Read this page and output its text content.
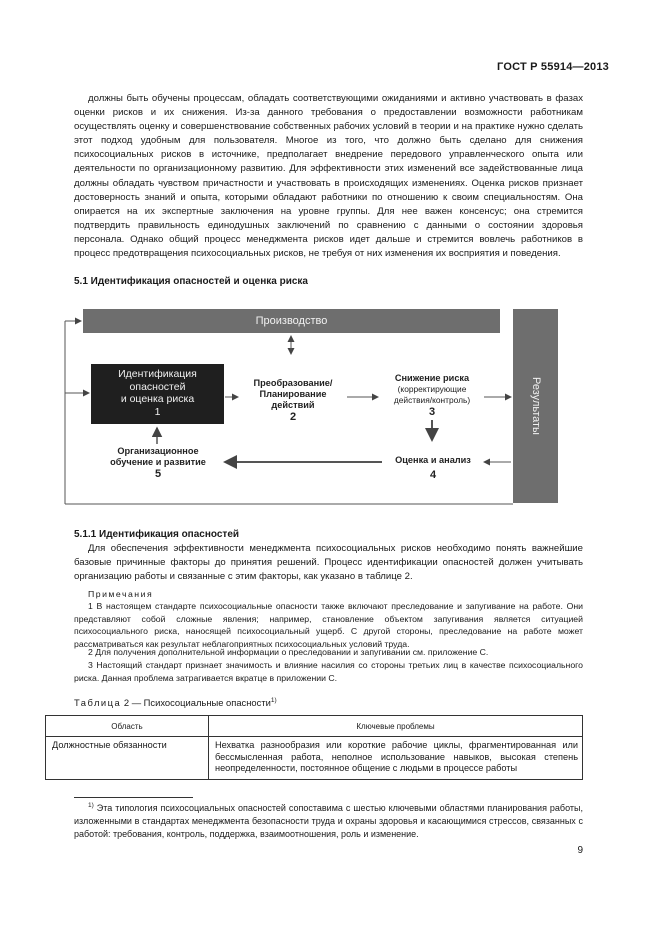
ГОСТ Р 55914—2013
должны быть обучены процессам, обладать соответствующими ожиданиями и активно участвовать в фазах оценки рисков и их снижения. Из-за данного требования о предоставлении возможности работникам осуществлять оценку и совершенствование собственных рабочих условий в теории и на практике нужно сделать этот подход удобным для пользователя. Многое из того, что должно быть сделано для снижения психосоциальных рисков в источнике, предполагает внедрение передового управленческого опыта или деятельности по организационному развитию. Для эффективности этих изменений все задействованные лица должны обладать чувством причастности и участвовать в происходящих изменениях. Оценка рисков признает достоверность знаний и опыта, которыми обладают работники по отношению к своим специальностям. Она опирается на их экспертные заключения на уровне группы. Для нее важен консенсус; она стремится подтвердить правильность единодушных заключений по сравнению с данными о состоянии здоровья персонала. Однако общий процесс менеджмента рисков идет дальше и стремится вовлечь работников в процесс предотвращения психосоциальных рисков, не требуя от них изменения их восприятия и поведения.
5.1 Идентификация опасностей и оценка риска
Производство
Результаты
Идентификация
опасностей
и оценка риска
1
Преобразование/
Планирование действий
2
Снижение риска
(корректирующие
действия/контроль)
3
Оценка и анализ
4
Организационное
обучение и развитие
5
5.1.1 Идентификация опасностей
Для обеспечения эффективности менеджмента психосоциальных рисков необходимо понять важнейшие базовые причинные факторы до принятия решений. Процесс идентификации опасностей должен учитывать организацию работы и связанные с этим факторы, как указано в таблице 2.
Примечания
1 В настоящем стандарте психосоциальные опасности также включают преследование и запугивание на работе. Они представляют собой сложные явления; например, становление объектом запугивания является ситуацией психосоциального риска, наносящей психосоциальный ущерб. С другой стороны, преследование на работе может рассматриваться как результат неблагоприятных психосоциальных условий труда.
2 Для получения дополнительной информации о преследовании и запугивании см. приложение С.
3 Настоящий стандарт признает значимость и влияние насилия со стороны третьих лиц в качестве психосоциального риска. Данная проблема затрагивается вкратце в приложении С.
Таблица 2 — Психосоциальные опасности$^{1)}$
Область	Ключевые проблемы
Должностные обязанности	Нехватка разнообразия или короткие рабочие циклы, фрагментированная или бессмысленная работа, неполное использование навыков, высокая степень неопределенности, постоянное общение с людьми в процессе работы
$^{1)}$ Эта типология психосоциальных опасностей сопоставима с шестью ключевыми областями планирования работы, изложенными в стандартах менеджмента безопасности труда и охраны здоровья и касающимися стрессов, связанных с работой: требования, контроль, поддержка, взаимоотношения, роль и изменение.
9
